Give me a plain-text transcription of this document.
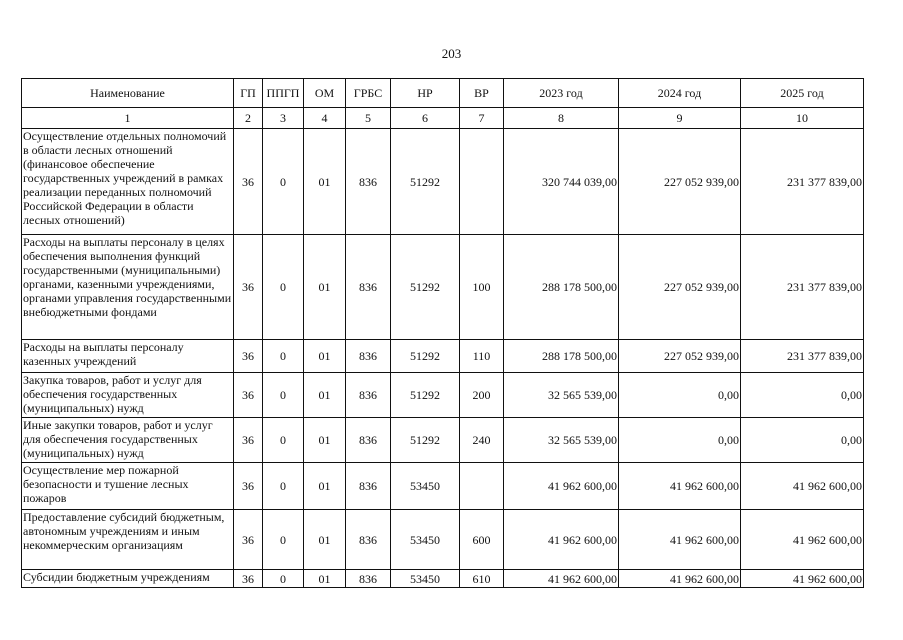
203
Наименование	ГП	ППГП	ОМ	ГРБС	НР	ВР	2023 год	2024 год	2025 год
1	2	3	4	5	6	7	8	9	10
Осуществление отдельных полномочий в области лесных отношений (финансовое обеспечение государственных учреждений в рамках реализации переданных полномочий Российской Федерации в области лесных отношений)	36	0	01	836	51292		320 744 039,00	227 052 939,00	231 377 839,00
Расходы на выплаты персоналу в целях обеспечения выполнения функций государственными (муниципальными) органами, казенными учреждениями, органами управления государственными внебюджетными фондами	36	0	01	836	51292	100	288 178 500,00	227 052 939,00	231 377 839,00
Расходы на выплаты персоналу казенных учреждений	36	0	01	836	51292	110	288 178 500,00	227 052 939,00	231 377 839,00
Закупка товаров, работ и услуг для обеспечения государственных (муниципальных) нужд	36	0	01	836	51292	200	32 565 539,00	0,00	0,00
Иные закупки товаров, работ и услуг для обеспечения государственных (муниципальных) нужд	36	0	01	836	51292	240	32 565 539,00	0,00	0,00
Осуществление мер пожарной безопасности и тушение лесных пожаров	36	0	01	836	53450		41 962 600,00	41 962 600,00	41 962 600,00
Предоставление субсидий бюджетным, автономным учреждениям и иным некоммерческим организациям	36	0	01	836	53450	600	41 962 600,00	41 962 600,00	41 962 600,00
Субсидии бюджетным учреждениям	36	0	01	836	53450	610	41 962 600,00	41 962 600,00	41 962 600,00
